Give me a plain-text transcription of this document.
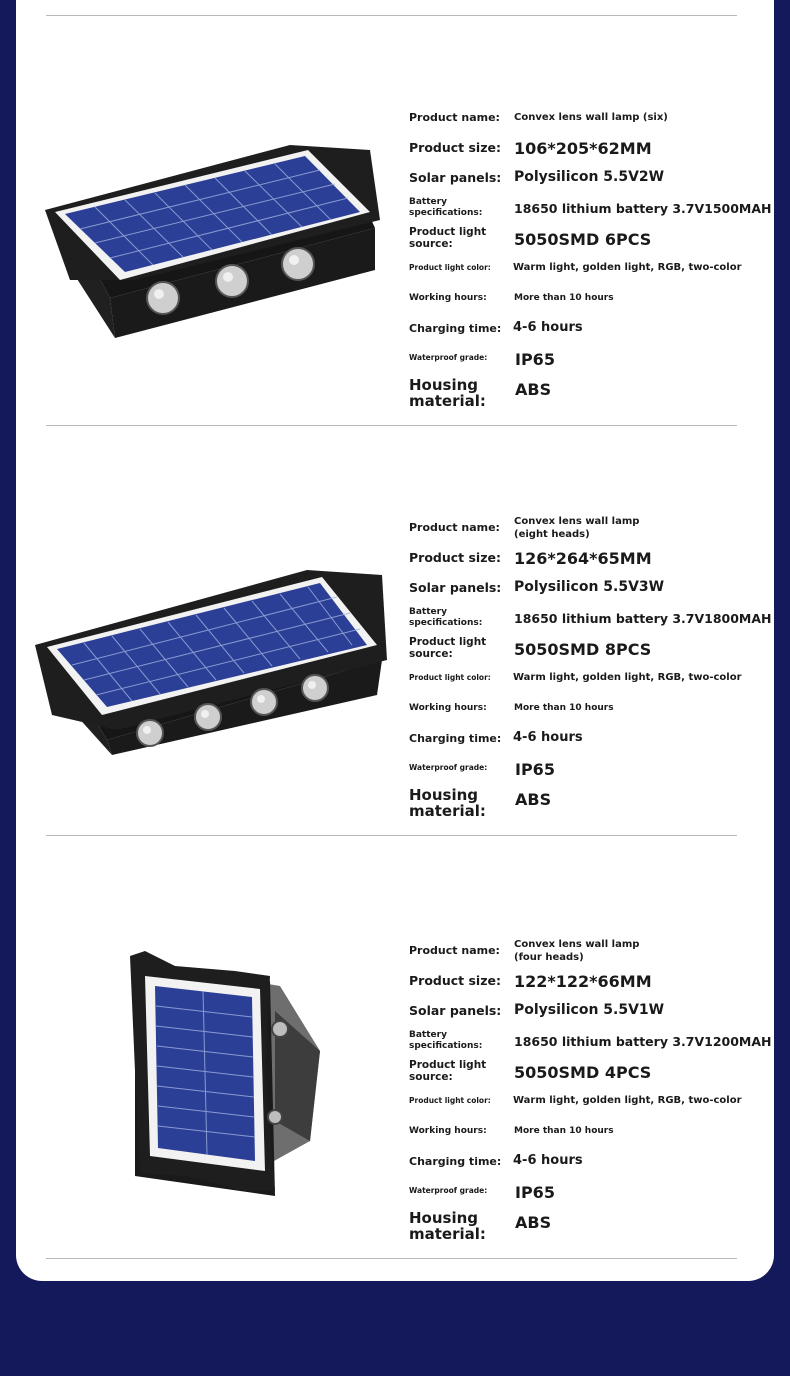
Product name: Convex lens wall lamp (six)
Product size: 106*205*62MM
Solar panels: Polysilicon 5.5V2W
Battery
specifications:	18650 lithium battery 3.7V1500MAH
Product light
source:	5050SMD 6PCS
Product light color: Warm light, golden light, RGB, two-color
Working hours:	More than 10 hours
Charging time: 4-6 hours
Waterproof grade: IP65
Housing
material:
ABS
Product name: Convex lens wall lamp
(eight heads)
Product size: 126*264*65MM
Solar panels: Polysilicon 5.5V3W
Battery
specifications:	18650 lithium battery 3.7V1800MAH
Product light
source:	5050SMD 8PCS
Product light color: Warm light, golden light, RGB, two-color
Working hours:	More than 10 hours
Charging time: 4-6 hours
Waterproof grade: IP65
Housing
material:
ABS
Product name: Convex lens wall lamp
(four heads)
Product size: 122*122*66MM
Solar panels: Polysilicon 5.5V1W
Battery
specifications:	18650 lithium battery 3.7V1200MAH
Product light
source:	5050SMD 4PCS
Product light color: Warm light, golden light, RGB, two-color
Working hours:	More than 10 hours
Charging time: 4-6 hours
Waterproof grade: IP65
Housing
material:
ABS
